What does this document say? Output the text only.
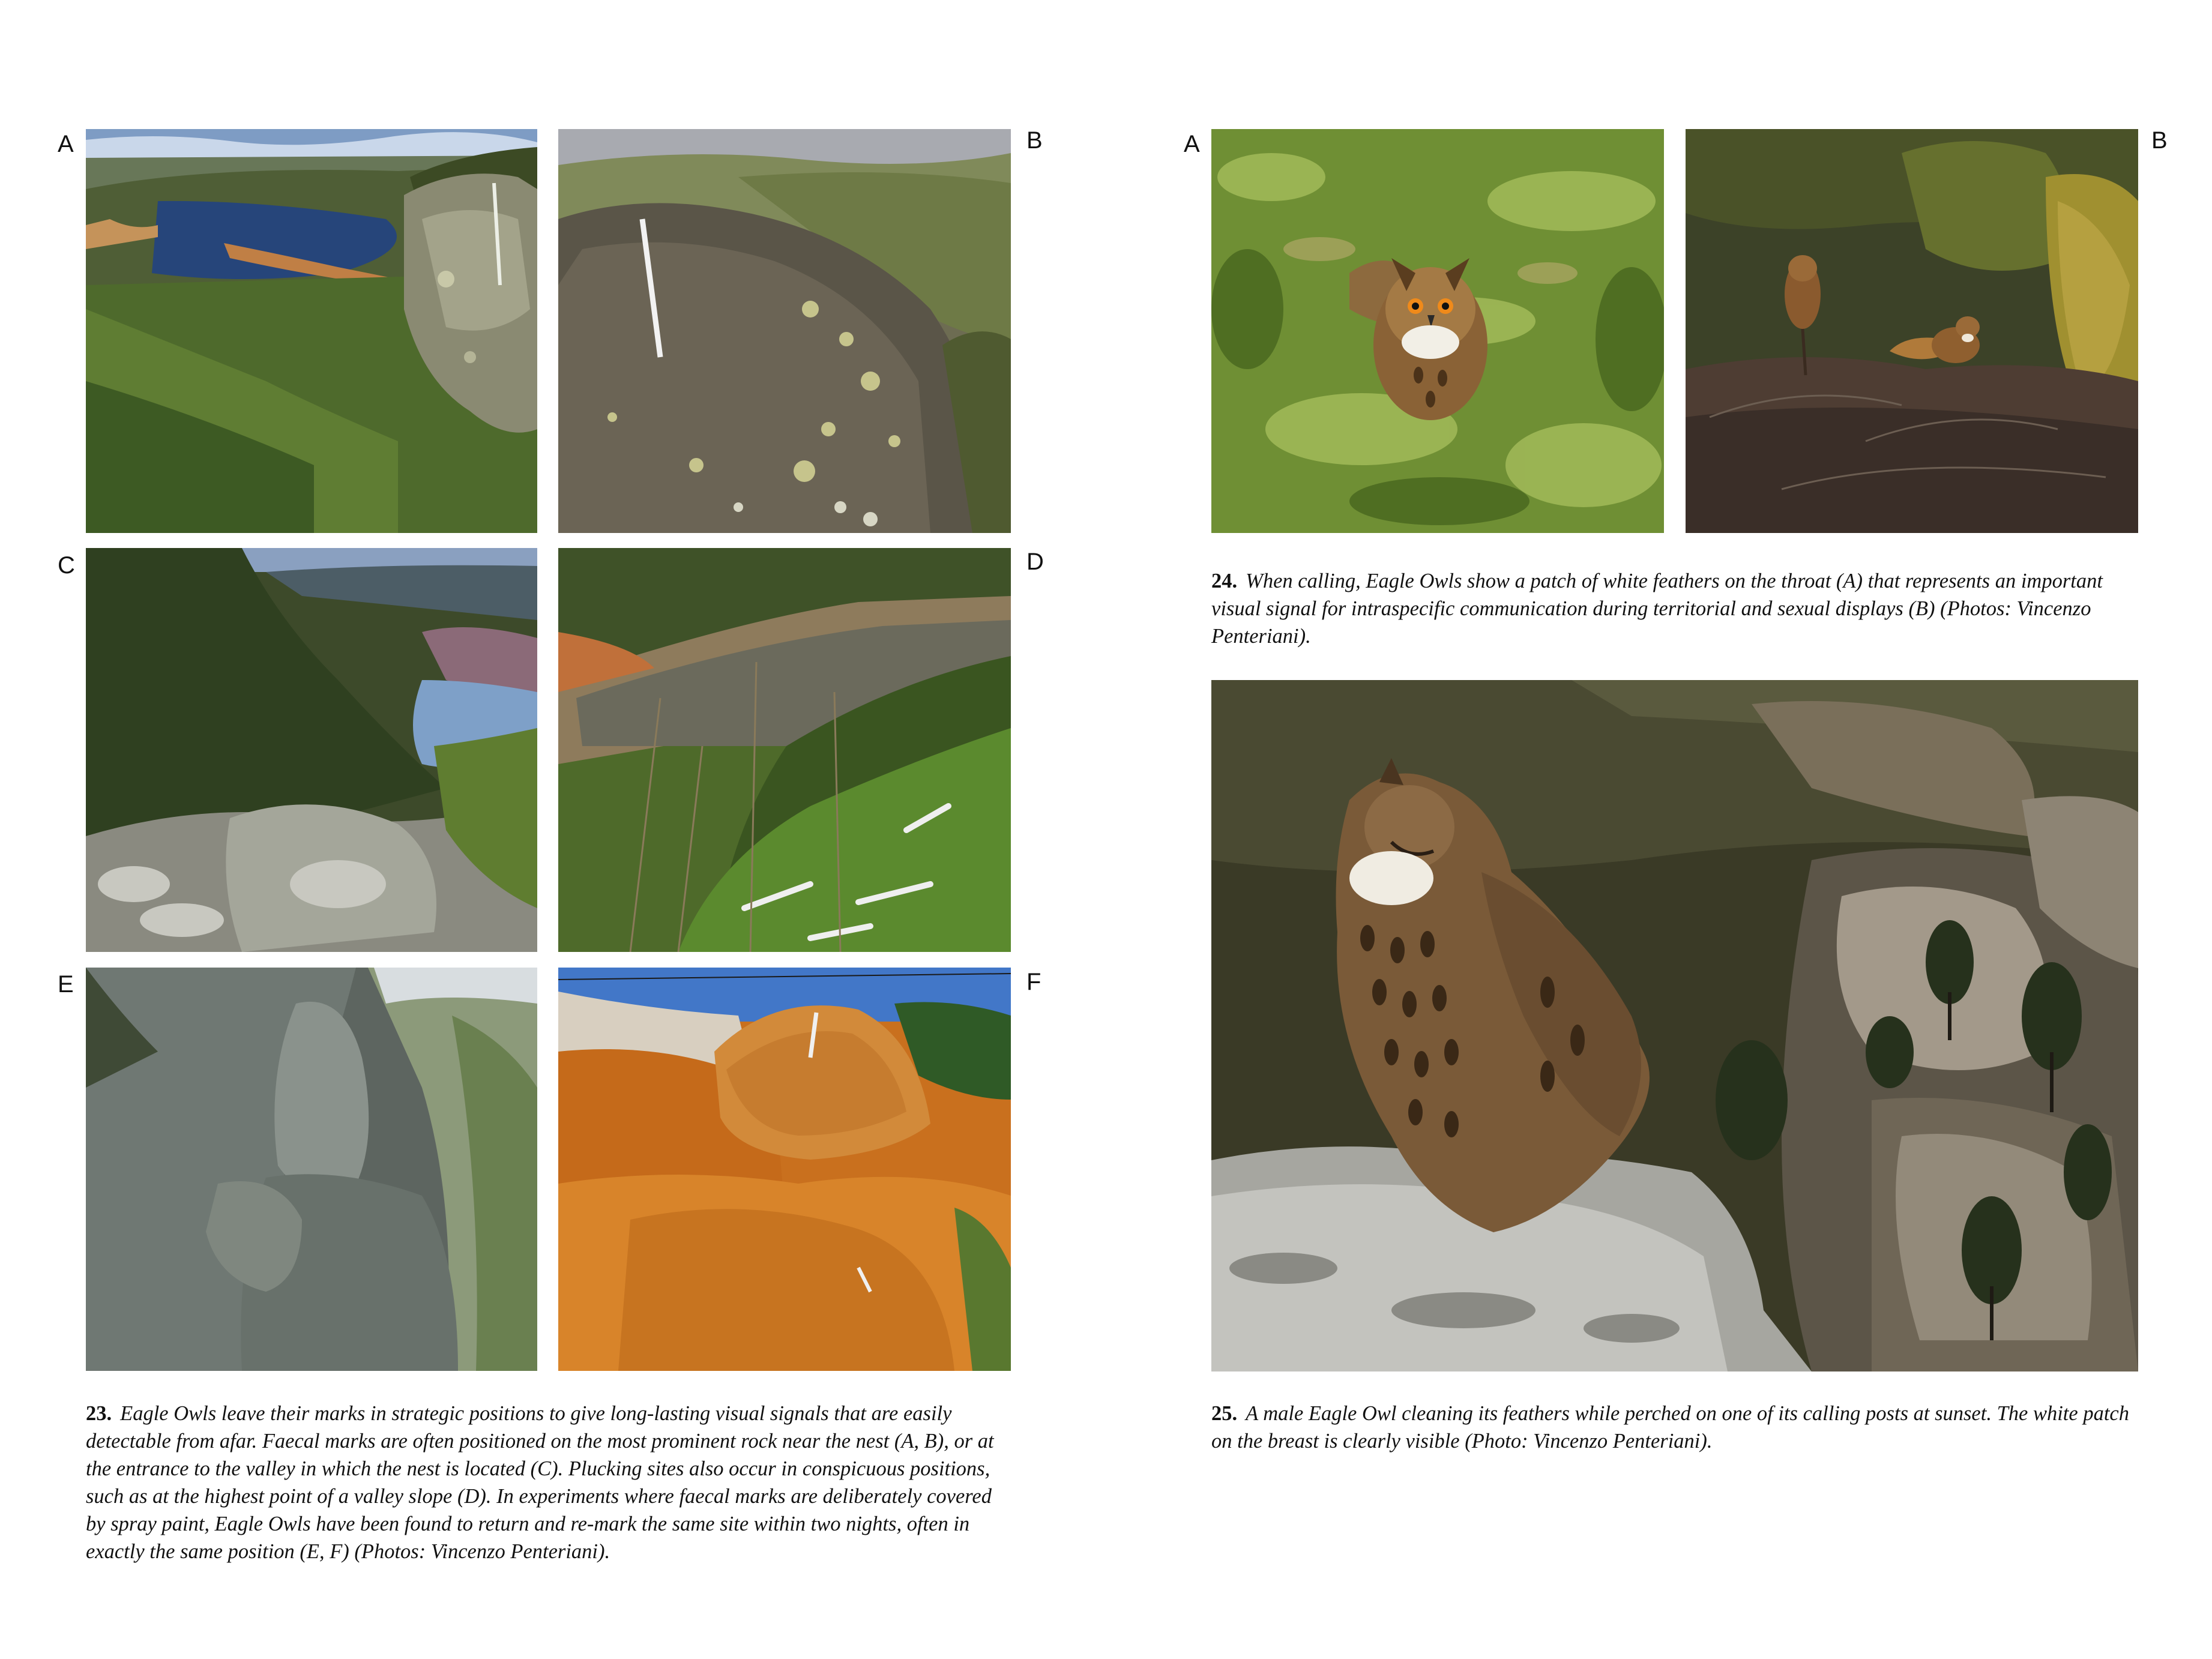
A	B
C	D
E	F

23. Eagle Owls leave their marks in strategic positions to give long-lasting visual signals that are easily detectable from afar. Faecal marks are often positioned on the most prominent rock near the nest (A, B), or at the entrance to the valley in which the nest is located (C). Plucking sites also occur in conspicuous positions, such as at the highest point of a valley slope (D). In experiments where faecal marks are deliberately covered by spray paint, Eagle Owls have been found to return and re-mark the same site within two nights, often in exactly the same position (E, F) (Photos: Vincenzo Penteriani).

A	B

24. When calling, Eagle Owls show a patch of white feathers on the throat (A) that represents an important visual signal for intraspecific communication during territorial and sexual displays (B) (Photos: Vincenzo Penteriani).

25. A male Eagle Owl cleaning its feathers while perched on one of its calling posts at sunset. The white patch on the breast is clearly visible (Photo: Vincenzo Penteriani).
